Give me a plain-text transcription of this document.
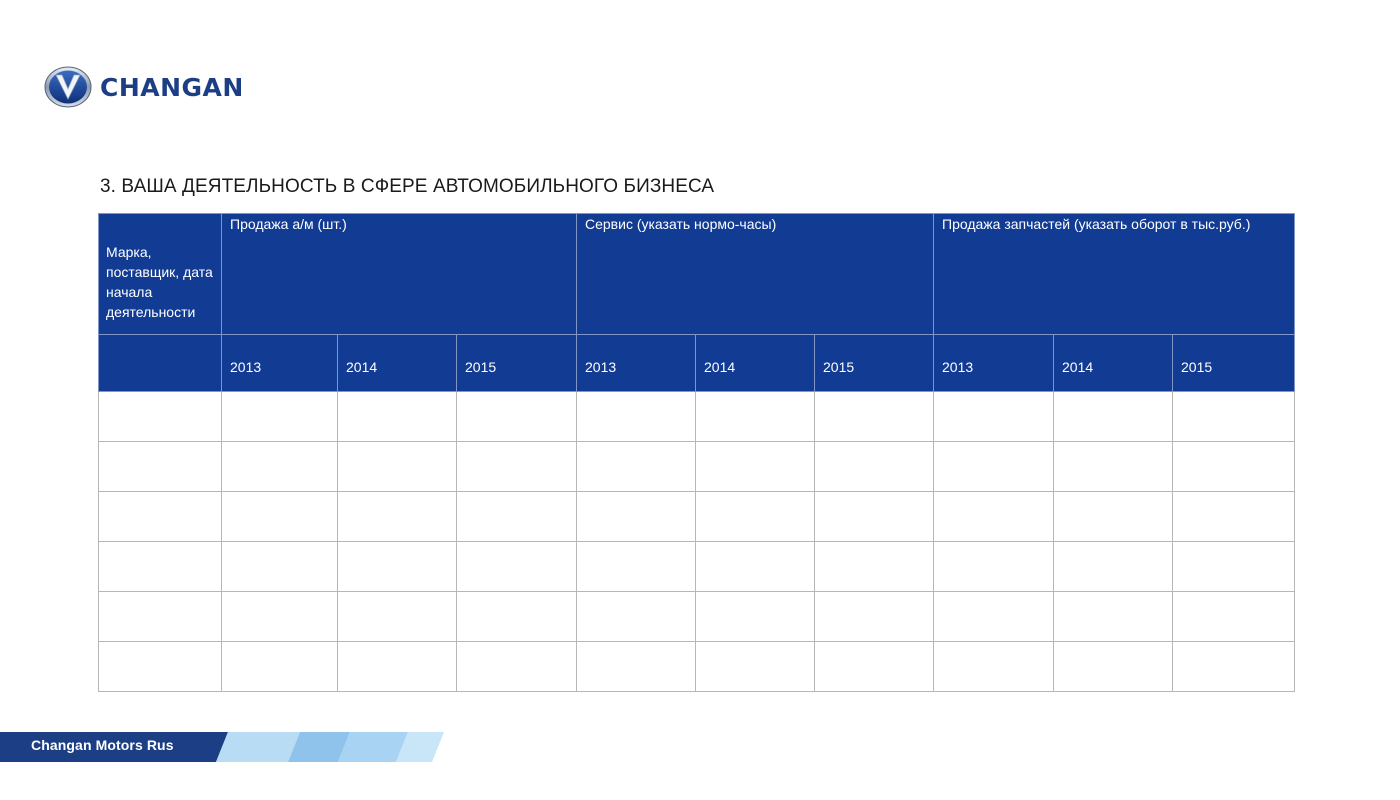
CHANGAN
3. ВАША ДЕЯТЕЛЬНОСТЬ В СФЕРЕ АВТОМОБИЛЬНОГО БИЗНЕСА
Марка, поставщик, дата начала деятельности	Продажа а/м (шт.)			Сервис (указать нормо-часы)			Продажа запчастей (указать оборот в тыс.руб.)		
	2013	2014	2015	2013	2014	2015	2013	2014	2015

Changan Motors Rus
